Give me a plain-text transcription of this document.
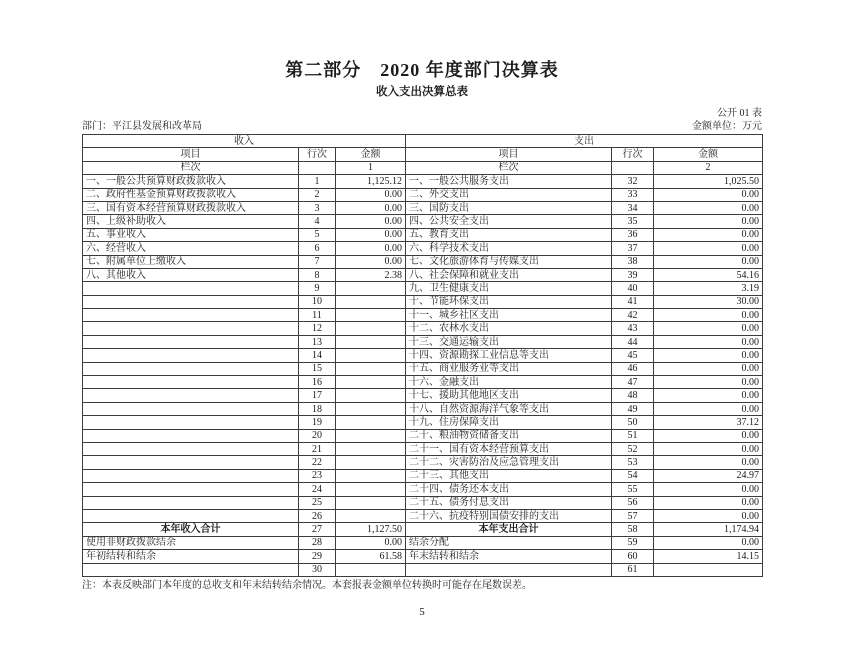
第二部分　2020 年度部门决算表
收入支出决算总表
公开 01 表
部门：平江县发展和改革局	金额单位：万元
收入			支出		
项目	行次	金额	项目	行次	金额
栏次		1	栏次		2
一、一般公共预算财政拨款收入	1	1,125.12	一、一般公共服务支出	32	1,025.50
二、政府性基金预算财政拨款收入	2	0.00	二、外交支出	33	0.00
三、国有资本经营预算财政拨款收入	3	0.00	三、国防支出	34	0.00
四、上级补助收入	4	0.00	四、公共安全支出	35	0.00
五、事业收入	5	0.00	五、教育支出	36	0.00
六、经营收入	6	0.00	六、科学技术支出	37	0.00
七、附属单位上缴收入	7	0.00	七、文化旅游体育与传媒支出	38	0.00
八、其他收入	8	2.38	八、社会保障和就业支出	39	54.16
	9		九、卫生健康支出	40	3.19
	10		十、节能环保支出	41	30.00
	11		十一、城乡社区支出	42	0.00
	12		十二、农林水支出	43	0.00
	13		十三、交通运输支出	44	0.00
	14		十四、资源勘探工业信息等支出	45	0.00
	15		十五、商业服务业等支出	46	0.00
	16		十六、金融支出	47	0.00
	17		十七、援助其他地区支出	48	0.00
	18		十八、自然资源海洋气象等支出	49	0.00
	19		十九、住房保障支出	50	37.12
	20		二十、粮油物资储备支出	51	0.00
	21		二十一、国有资本经营预算支出	52	0.00
	22		二十二、灾害防治及应急管理支出	53	0.00
	23		二十三、其他支出	54	24.97
	24		二十四、债务还本支出	55	0.00
	25		二十五、债务付息支出	56	0.00
	26		二十六、抗疫特别国债安排的支出	57	0.00
本年收入合计	27	1,127.50	本年支出合计	58	1,174.94
使用非财政拨款结余	28	0.00	结余分配	59	0.00
年初结转和结余	29	61.58	年末结转和结余	60	14.15
	30			61	
注：本表反映部门本年度的总收支和年末结转结余情况。本套报表金额单位转换时可能存在尾数误差。
5
